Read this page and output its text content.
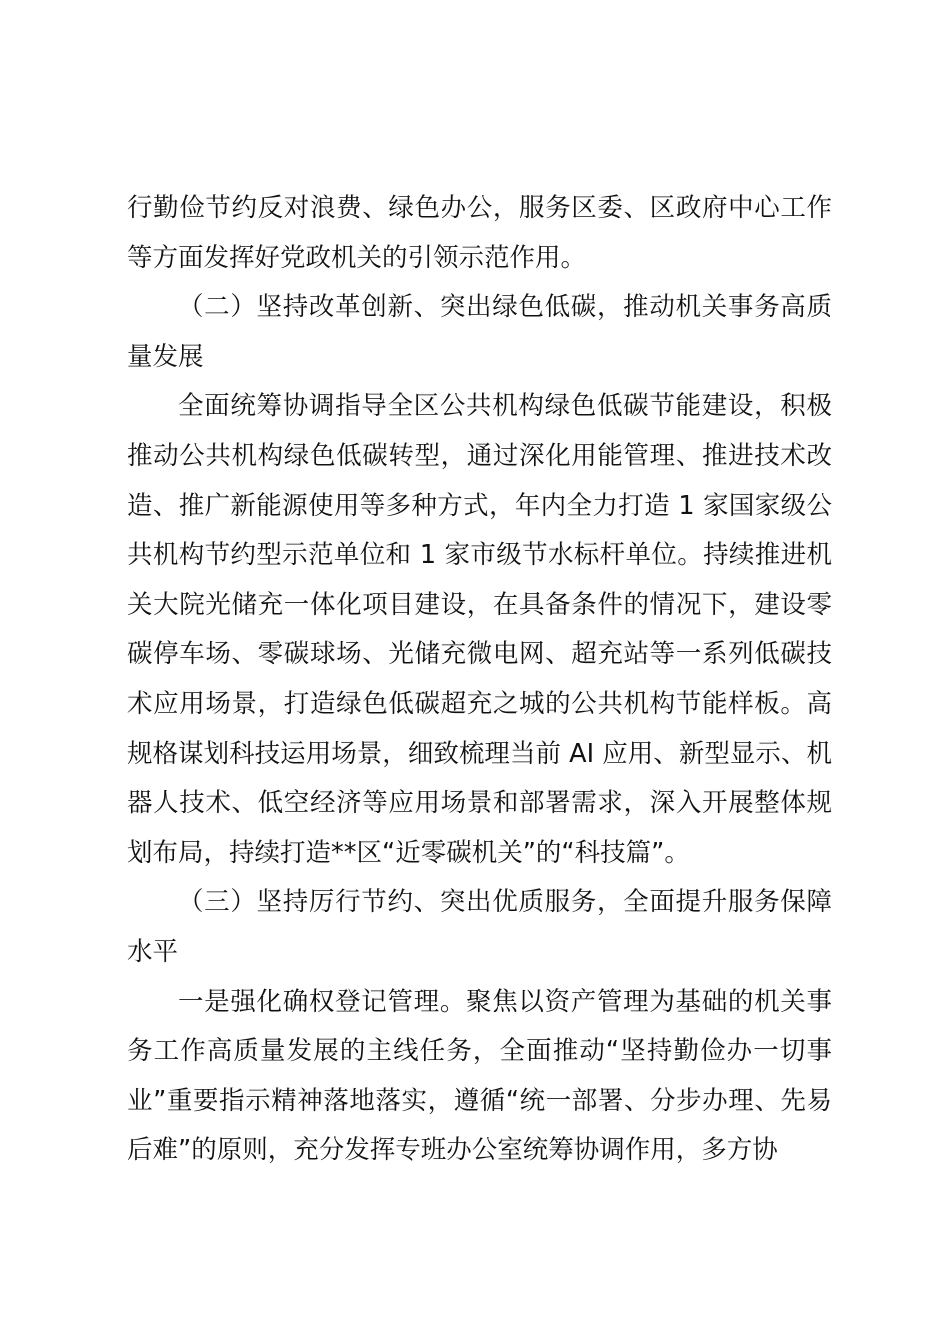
行勤俭节约反对浪费、绿色办公，服务区委、区政府中心工作等方面发挥好党政机关的引领示范作用。

（二）坚持改革创新、突出绿色低碳，推动机关事务高质量发展

全面统筹协调指导全区公共机构绿色低碳节能建设，积极推动公共机构绿色低碳转型，通过深化用能管理、推进技术改造、推广新能源使用等多种方式，年内全力打造 1 家国家级公共机构节约型示范单位和 1 家市级节水标杆单位。持续推进机关大院光储充一体化项目建设，在具备条件的情况下，建设零碳停车场、零碳球场、光储充微电网、超充站等一系列低碳技术应用场景，打造绿色低碳超充之城的公共机构节能样板。高规格谋划科技运用场景，细致梳理当前 AI 应用、新型显示、机器人技术、低空经济等应用场景和部署需求，深入开展整体规划布局，持续打造**区“近零碳机关”的“科技篇”。

（三）坚持厉行节约、突出优质服务，全面提升服务保障水平

一是强化确权登记管理。聚焦以资产管理为基础的机关事务工作高质量发展的主线任务，全面推动“坚持勤俭办一切事业”重要指示精神落地落实，遵循“统一部署、分步办理、先易后难”的原则，充分发挥专班办公室统筹协调作用，多方协
